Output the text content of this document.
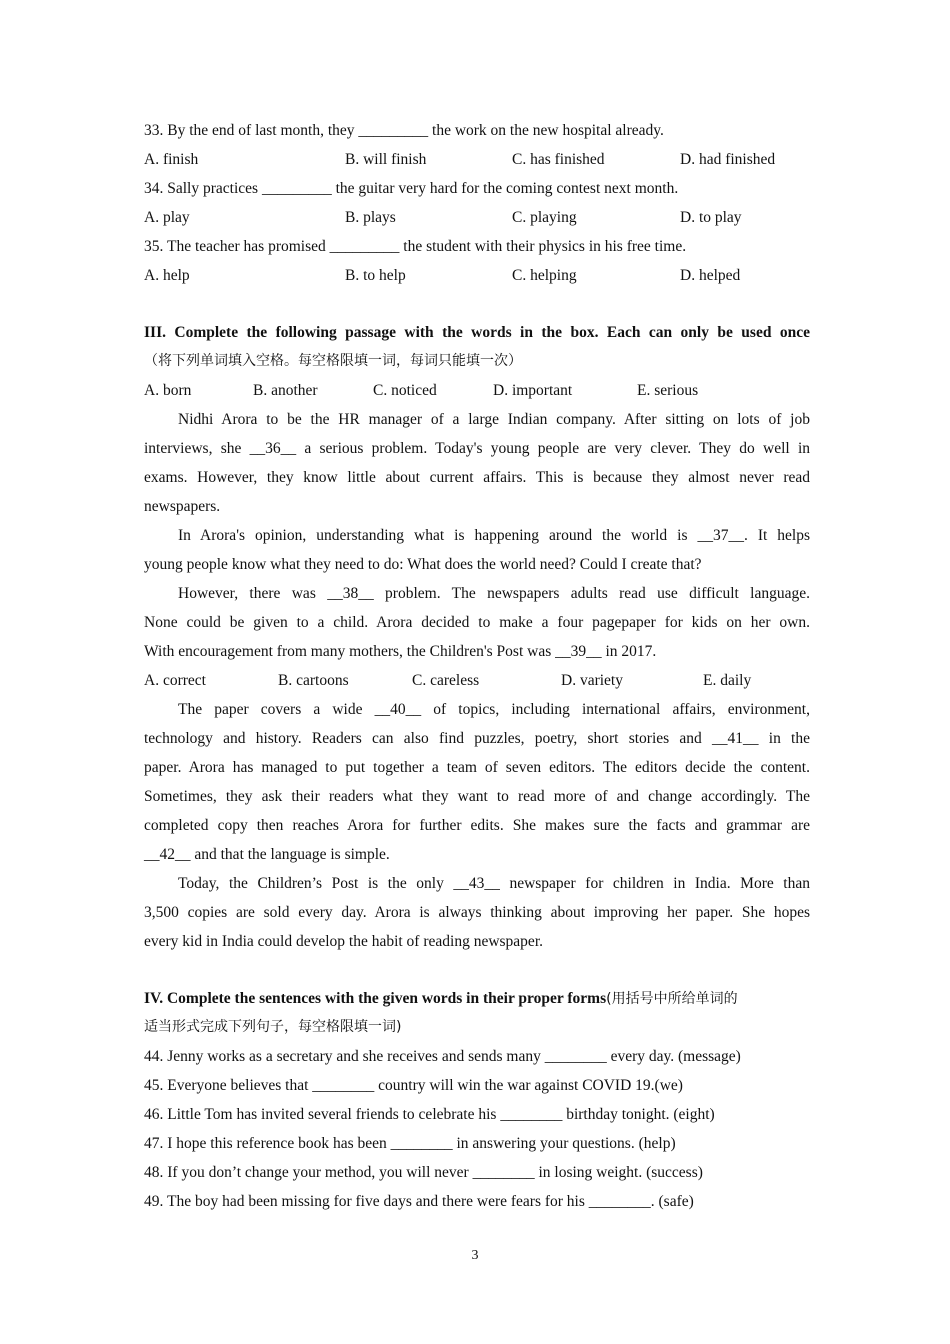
33. By the end of last month, they _________ the work on the new hospital already.
A. finish	B. will finish	C. has finished	D. had finished
34. Sally practices _________ the guitar very hard for the coming contest next month.
A. play	B. plays	C. playing	D. to play
35. The teacher has promised _________ the student with their physics in his free time.
A. help	B. to help	C. helping	D. helped
III. Complete the following passage with the words in the box. Each can only be used once
（将下列单词填入空格。每空格限填一词，每词只能填一次）
A. born	B. another	C. noticed	D. important	E. serious
Nidhi Arora to be the HR manager of a large Indian company. After sitting on lots of job
interviews, she __36__ a serious problem. Today's young people are very clever. They do well in
exams. However, they know little about current affairs. This is because they almost never read
newspapers.
In Arora's opinion, understanding what is happening around the world is __37__. It helps
young people know what they need to do: What does the world need? Could I create that?
However, there was __38__ problem. The newspapers adults read use difficult language.
None could be given to a child. Arora decided to make a four pagepaper for kids on her own.
With encouragement from many mothers, the Children's Post was __39__ in 2017.
A. correct	B. cartoons	C. careless	D. variety	E. daily
The paper covers a wide __40__ of topics, including international affairs, environment,
technology and history. Readers can also find puzzles, poetry, short stories and __41__ in the
paper. Arora has managed to put together a team of seven editors. The editors decide the content.
Sometimes, they ask their readers what they want to read more of and change accordingly. The
completed copy then reaches Arora for further edits. She makes sure the facts and grammar are
__42__ and that the language is simple.
Today, the Children’s Post is the only __43__ newspaper for children in India. More than
3,500 copies are sold every day. Arora is always thinking about improving her paper. She hopes
every kid in India could develop the habit of reading newspaper.
IV. Complete the sentences with the given words in their proper forms(用括号中所给单词的
适当形式完成下列句子，每空格限填一词)
44. Jenny works as a secretary and she receives and sends many ________ every day. (message)
45. Everyone believes that ________ country will win the war against COVID 19.(we)
46. Little Tom has invited several friends to celebrate his ________ birthday tonight. (eight)
47. I hope this reference book has been ________ in answering your questions. (help)
48. If you don’t change your method, you will never ________ in losing weight. (success)
49. The boy had been missing for five days and there were fears for his ________. (safe)
3
